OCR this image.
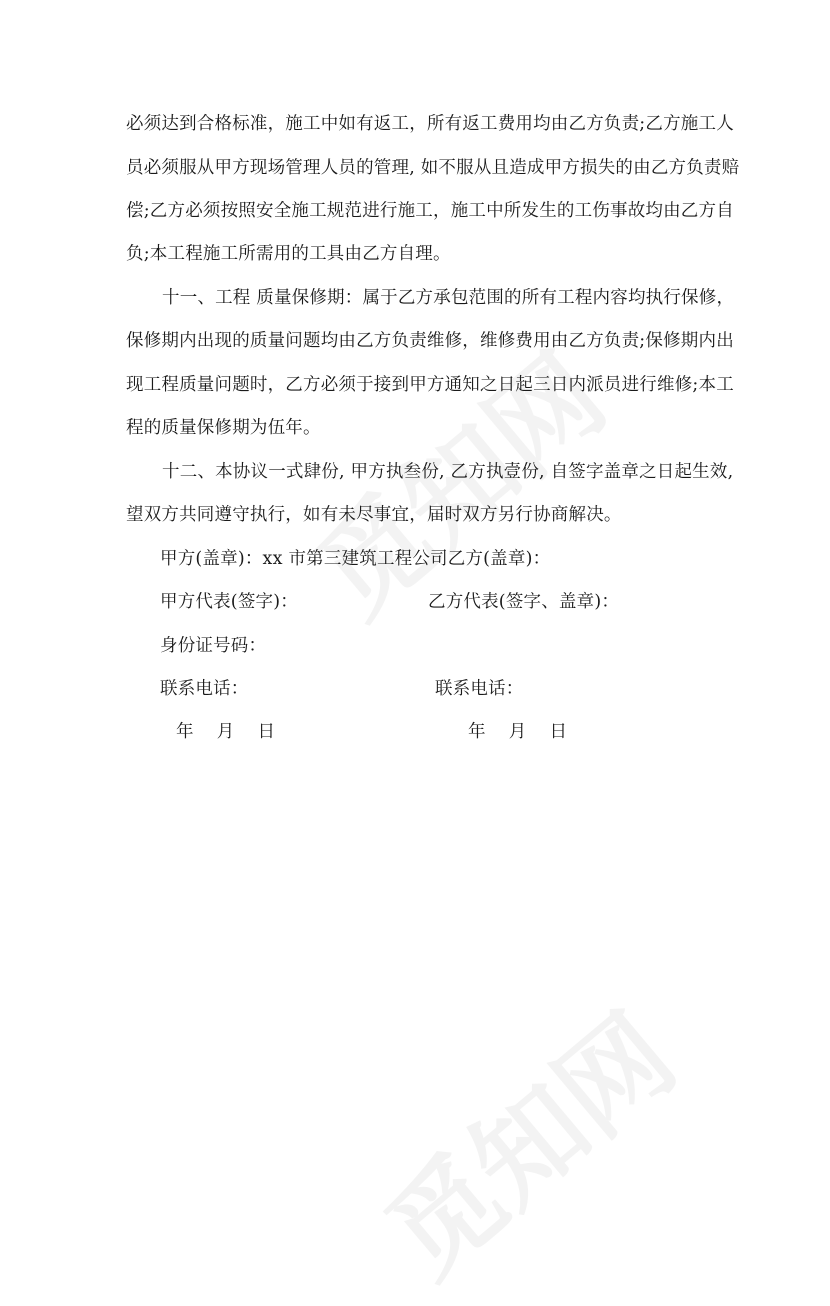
必须达到合格标准，施工中如有返工，所有返工费用均由乙方负责;乙方施工人
员必须服从甲方现场管理人员的管理, 如不服从且造成甲方损失的由乙方负责赔
偿;乙方必须按照安全施工规范进行施工，施工中所发生的工伤事故均由乙方自
负;本工程施工所需用的工具由乙方自理。
十一、工程 质量保修期：属于乙方承包范围的所有工程内容均执行保修，
保修期内出现的质量问题均由乙方负责维修，维修费用由乙方负责;保修期内出
现工程质量问题时，乙方必须于接到甲方通知之日起三日内派员进行维修;本工
程的质量保修期为伍年。
十二、本协议一式肆份, 甲方执叁份, 乙方执壹份, 自签字盖章之日起生效,
望双方共同遵守执行，如有未尽事宜，届时双方另行协商解决。
甲方(盖章)：xx 市第三建筑工程公司乙方(盖章)：
甲方代表(签字)：	乙方代表(签字、盖章)：
身份证号码：
联系电话：	联系电话：
年    月    日	年    月    日
